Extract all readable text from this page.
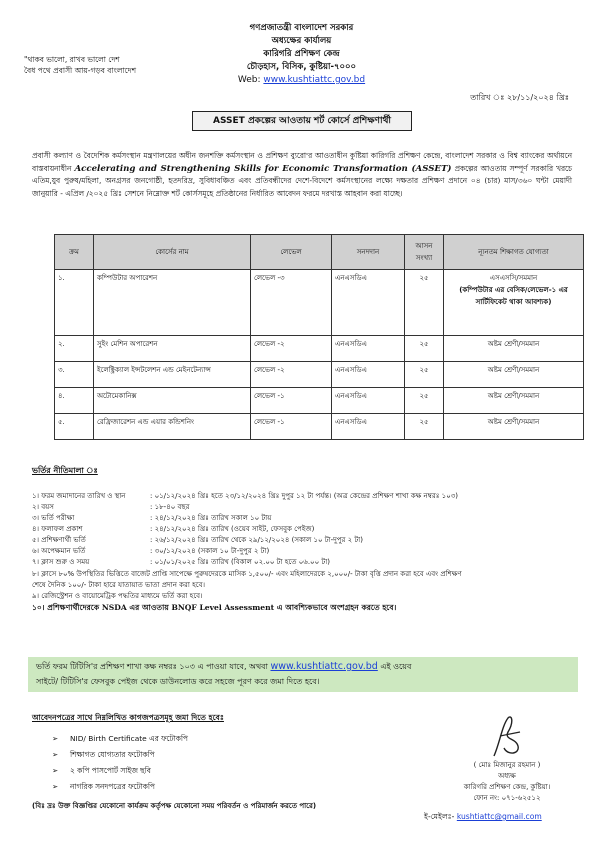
গণপ্রজাতন্ত্রী বাংলাদেশ সরকার
অধ্যক্ষের কার্যালয়
কারিগরি প্রশিক্ষণ কেন্দ্র
চৌড়হাস, বিসিক, কুষ্টিয়া-৭০০০
Web: www.kushtiattc.gov.bd
"থাকব ভালো, রাখব ভালো দেশ
বৈধ পথে প্রবাসী আয়-গড়ব বাংলাদেশ
তারিখ ঃ ২৮/১১/২০২৪ খ্রিঃ
ASSET প্রকল্পের আওতায় শর্ট কোর্সে প্রশিক্ষণার্থী
প্রবাসী কল্যাণ ও বৈদেশিক কর্মসংস্থান মন্ত্রণালয়ের অধীন জনশক্তি কর্মসংস্থান ও প্রশিক্ষণ ব্যুরো'র আওতাধীন কুষ্টিয়া কারিগরি প্রশিক্ষণ কেন্দ্রে, বাংলাদেশ সরকার ও বিশ্ব ব্যাংকের অর্থায়নে বাস্তবায়নাধীন Accelerating and Strengthening Skills for Economic Transformation (ASSET) প্রকল্পের আওতায় সম্পূর্ণ সরকারি খরচে এতিম,যুব পুরুষ/মহিলা, অনগ্রসর জনগোষ্ঠী, হতদরিদ্র, সুবিধাবঞ্চিত এবং প্রতিবন্ধীদের দেশে-বিদেশে কর্মসংস্থানের লক্ষ্যে দক্ষতার প্রশিক্ষণ প্রদানে ০৪ (চার) মাস/৩৬০ ঘন্টা মেয়াদী জানুয়ারি - এপ্রিল /২০২৫ খ্রিঃ সেশনে নিম্নোক্ত শর্ট কোর্সসমূহে প্রতিষ্ঠানের নির্ধারিত আবেদন ফরমে দরখাস্ত আহবান করা যাচ্ছে।
ক্রম	কোর্সের নাম	লেভেল	সনদদান	আসন সংখ্যা	ন্যূনতম শিক্ষাগত যোগ্যতা
১.	কম্পিউটার অপারেশন	লেভেল -৩	এনএসডিএ	২৫	এসএসসি/সমমান
(কম্পিউটার এর বেসিক/লেভেল-১ এর সার্টিফিকেট থাকা আবশ্যক)

২.	সুইং মেশিন অপারেশন	লেভেল -২	এনএসডিএ	২৫	অষ্টম শ্রেণী/সমমান
৩.	ইলেক্ট্রিক্যাল ইন্সটলেশন এন্ড মেইনটেন্যান্স	লেভেল -২	এনএসডিএ	২৫	অষ্টম শ্রেণী/সমমান
৪.	অটোমেকানিক্স	লেভেল -১	এনএসডিএ	২৫	অষ্টম শ্রেণী/সমমান
৫.	রেফ্রিজারেশন এন্ড এয়ার কন্ডিশনিং	লেভেল -১	এনএসডিএ	২৫	অষ্টম শ্রেণী/সমমান
ভর্তির নীতিমালা ঃ
১। ফরম জমাদানের তারিখ ও স্থান	: ০১/১২/২০২৪ খ্রিঃ হতে ২৩/১২/২০২৪ খ্রিঃ দুপুর ১২ টা পর্যন্ত। (অত্র কেন্দ্রের প্রশিক্ষণ শাখা কক্ষ নম্বরঃ ১০৩)
২। বয়স	: ১৮-৪০ বছর
৩। ভর্তি পরীক্ষা	: ২৪/১২/২০২৪ খ্রিঃ তারিখ সকাল ১০ টায়
৪। ফলাফল প্রকাশ	: ২৪/১২/২০২৪ খ্রিঃ তারিখ (ওয়েব সাইট, ফেসবুক পেইজ)
৫। প্রশিক্ষণার্থী ভর্তি	: ২৬/১২/২০২৪ খ্রিঃ তারিখ থেকে ২৯/১২/২০২৪ (সকাল ১০ টা-দুপুর ২ টা)
৬। অপেক্ষমান ভর্তি	: ৩০/১২/২০২৪ (সকাল ১০ টা-দুপুর ২ টা)
৭। ক্লাস শুরু ও সময়	: ০১/০১/২০২৫ খ্রিঃ তারিখ (বিকাল ০২.০০ টা হতে ০৬.০০ টা)
৮। ক্লাসে ৮০% উপস্থিতির ভিত্তিতে বাজেট প্রাপ্তি সাপেক্ষে পুরুষদেরকে মাসিক ১,৫০০/- এবং মহিলাদেরকে ২,০০০/- টাকা বৃত্তি প্রদান করা হবে এবং প্রশিক্ষণ
শেষে দৈনিক ১০০/- টাকা হারে যাতায়াত ভাতা প্রদান করা হবে।
৯। রেজিস্ট্রেশন ও বায়োমেট্রিক পদ্ধতির মাধ্যমে ভর্তি করা হবে।
১০। প্রশিক্ষণার্থীদেরকে NSDA এর আওতায় BNQF Level Assessment এ আবশ্যিকভাবে অংশগ্রহন করতে হবে।
ভর্তি ফরম টিটিসি'র প্রশিক্ষণ শাখা কক্ষ নম্বরঃ ১০৩ এ পাওয়া যাবে, অথবা www.kushtiattc.gov.bd এই ওয়েব
সাইটে/ টিটিসি'র ফেসবুক পেইজ থেকে ডাউনলোড করে সহজে পূরণ করে জমা দিতে হবে।
আবেদনপত্রের সাথে নিম্নলিখিত কাগজপত্রসমূহ জমা দিতে হবেঃ
➢ NID/ Birth Certificate এর ফটোকপি
➢ শিক্ষাগত যোগ্যতার ফটোকপি
➢ ২ কপি পাসপোর্ট সাইজ ছবি
➢ নাগরিক সনদপত্রের ফটোকপি
(বিঃ দ্রঃ উক্ত বিজ্ঞপ্তির যেকোনো কার্যক্রম কর্তৃপক্ষ যেকোনো সময় পরিবর্তন ও পরিমার্জন করতে পারে)
( মোঃ মিজানুর রহমান )
অধ্যক্ষ
কারিগরি প্রশিক্ষণ কেন্দ্র, কুষ্টিয়া।
ফোন নং: ০৭১-৬২৫১২
ই-মেইলঃ- kushtiattc@gmail.com
